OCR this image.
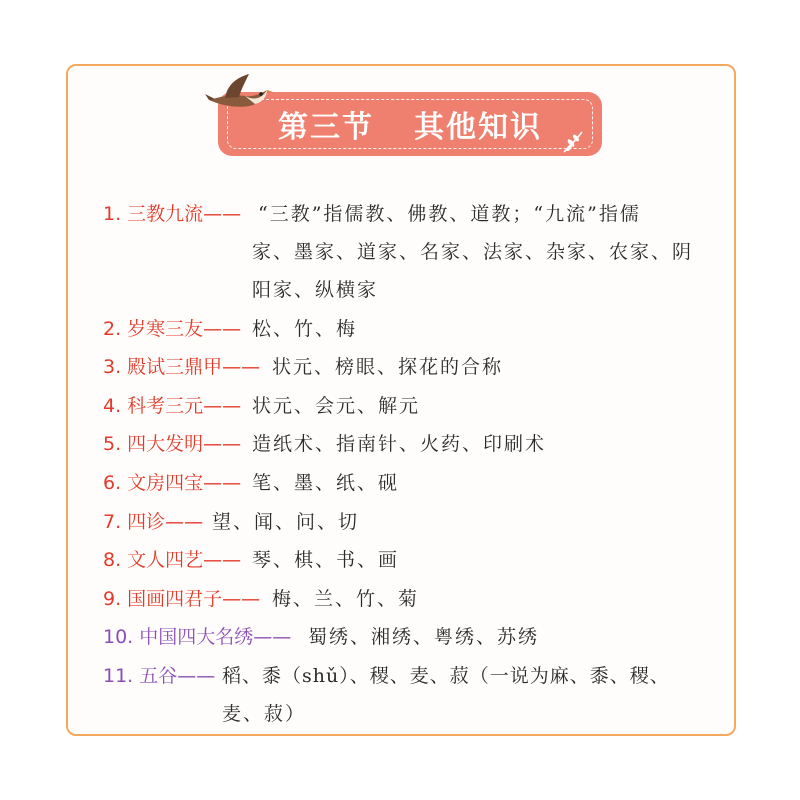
第三节 其他知识
1. 三教九流—— “三教”指儒教、佛教、道教；“九流”指儒
家、墨家、道家、名家、法家、杂家、农家、阴
阳家、纵横家
2. 岁寒三友—— 松、竹、梅
3. 殿试三鼎甲—— 状元、榜眼、探花的合称
4. 科考三元—— 状元、会元、解元
5. 四大发明—— 造纸术、指南针、火药、印刷术
6. 文房四宝—— 笔、墨、纸、砚
7. 四诊—— 望、闻、问、切
8. 文人四艺—— 琴、棋、书、画
9. 国画四君子—— 梅、兰、竹、菊
10. 中国四大名绣—— 蜀绣、湘绣、粤绣、苏绣
11. 五谷—— 稻、黍（shǔ）、稷、麦、菽（一说为麻、黍、稷、
麦、菽）
